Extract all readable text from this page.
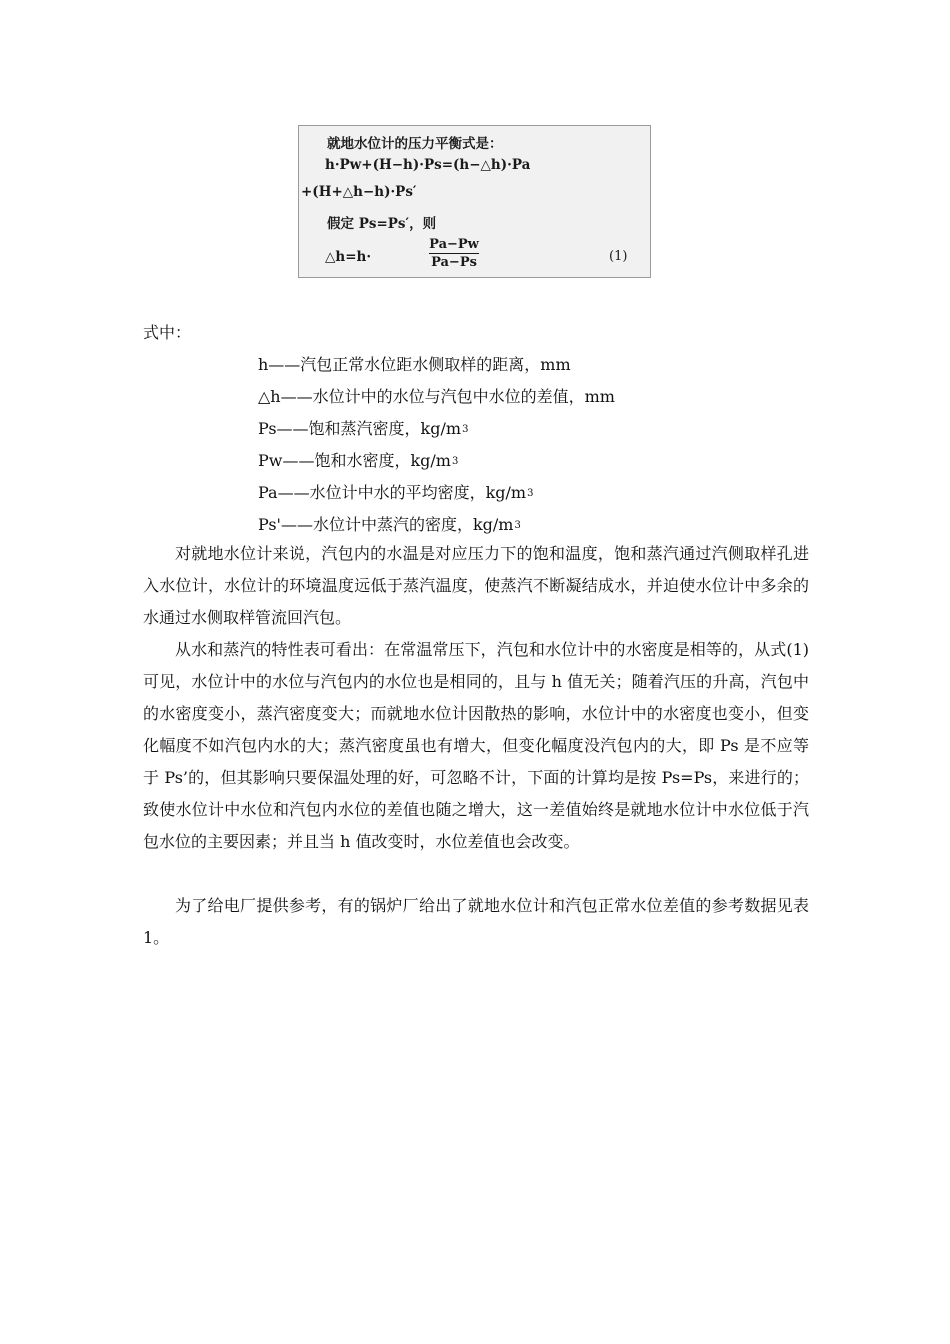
就地水位计的压力平衡式是：
h·Pw+(H−h)·Ps=(h−△h)·Pa
+(H+△h−h)·Ps′
假定 Ps=Ps′，则
△h=h·	$\frac{Pa-Pw}{Pa-Ps}$	(1)
式中：
h——汽包正常水位距水侧取样的距离，mm
△h——水位计中的水位与汽包中水位的差值，mm
Ps——饱和蒸汽密度，$kg/m^3$
Pw——饱和水密度，$kg/m^3$
Pa——水位计中水的平均密度，$kg/m^3$
Ps'——水位计中蒸汽的密度，$kg/m^3$

对就地水位计来说，汽包内的水温是对应压力下的饱和温度，饱和蒸汽通过汽侧取样孔进入水位计，水位计的环境温度远低于蒸汽温度，使蒸汽不断凝结成水，并迫使水位计中多余的水通过水侧取样管流回汽包。

从水和蒸汽的特性表可看出：在常温常压下，汽包和水位计中的水密度是相等的，从式(1)可见，水位计中的水位与汽包内的水位也是相同的，且与 h 值无关；随着汽压的升高，汽包中的水密度变小，蒸汽密度变大；而就地水位计因散热的影响，水位计中的水密度也变小，但变化幅度不如汽包内水的大；蒸汽密度虽也有增大，但变化幅度没汽包内的大，即 Ps 是不应等于 Ps’的，但其影响只要保温处理的好，可忽略不计，下面的计算均是按 Ps=Ps，来进行的；致使水位计中水位和汽包内水位的差值也随之增大，这一差值始终是就地水位计中水位低于汽包水位的主要因素；并且当 h 值改变时，水位差值也会改变。

为了给电厂提供参考，有的锅炉厂给出了就地水位计和汽包正常水位差值的参考数据见表 1。
